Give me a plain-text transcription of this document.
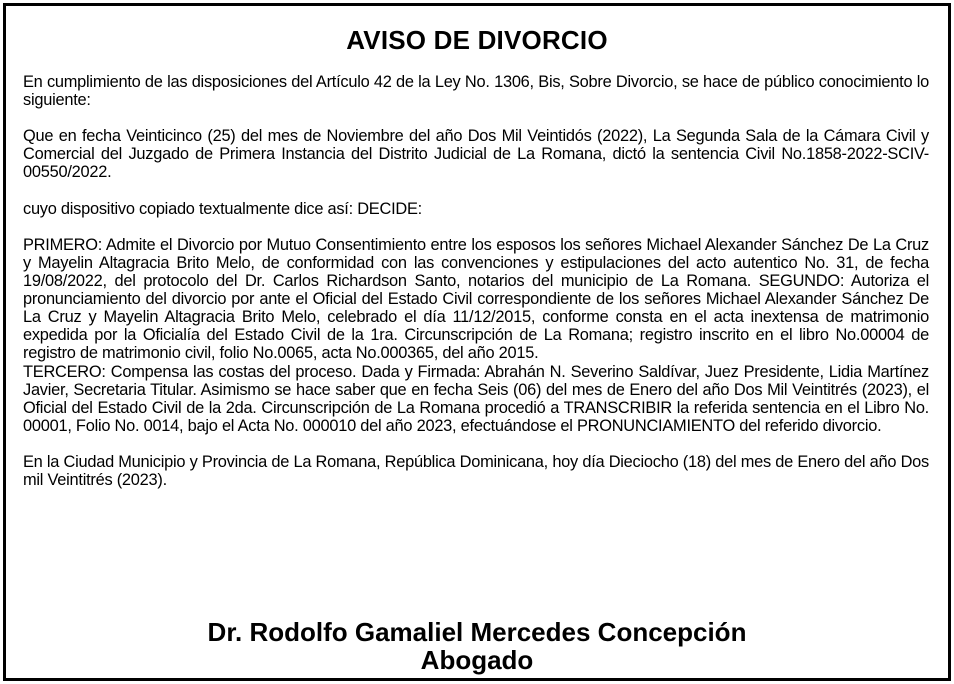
AVISO DE DIVORCIO

En cumplimiento de las disposiciones del Artículo 42 de la Ley No. 1306, Bis, Sobre Divorcio, se hace de público conocimiento lo siguiente:

Que en fecha Veinticinco (25) del mes de Noviembre del año Dos Mil Veintidós (2022), La Segunda Sala de la Cámara Civil y Comercial del Juzgado de Primera Instancia del Distrito Judicial de La Romana, dictó la sentencia Civil No.1858-2022-SCIV-00550/2022.

cuyo dispositivo copiado textualmente dice así: DECIDE:

PRIMERO: Admite el Divorcio por Mutuo Consentimiento entre los esposos los señores Michael Alexander Sánchez De La Cruz y Mayelin Altagracia Brito Melo, de conformidad con las convenciones y estipulaciones del acto autentico No. 31, de fecha 19/08/2022, del protocolo del Dr. Carlos Richardson Santo, notarios del municipio de La Romana. SEGUNDO: Autoriza el pronunciamiento del divorcio por ante el Oficial del Estado Civil correspondiente de los señores Michael Alexander Sánchez De La Cruz y Mayelin Altagracia Brito Melo, celebrado el día 11/12/2015, conforme consta en el acta inextensa de matrimonio expedida por la Oficialía del Estado Civil de la 1ra. Circunscripción de La Romana; registro inscrito en el libro No.00004 de registro de matrimonio civil, folio No.0065, acta No.000365, del año 2015.

TERCERO: Compensa las costas del proceso. Dada y Firmada: Abrahán N. Severino Saldívar, Juez Presidente, Lidia Martínez Javier, Secretaria Titular. Asimismo se hace saber que en fecha Seis (06) del mes de Enero del año Dos Mil Veintitrés (2023), el Oficial del Estado Civil de la 2da. Circunscripción de La Romana procedió a TRANSCRIBIR la referida sentencia en el Libro No. 00001, Folio No. 0014, bajo el Acta No. 000010 del año 2023, efectuándose el PRONUNCIAMIENTO del referido divorcio.

En la Ciudad Municipio y Provincia de La Romana, República Dominicana, hoy día Dieciocho (18) del mes de Enero del año Dos mil Veintitrés (2023).

Dr. Rodolfo Gamaliel Mercedes Concepción
Abogado
